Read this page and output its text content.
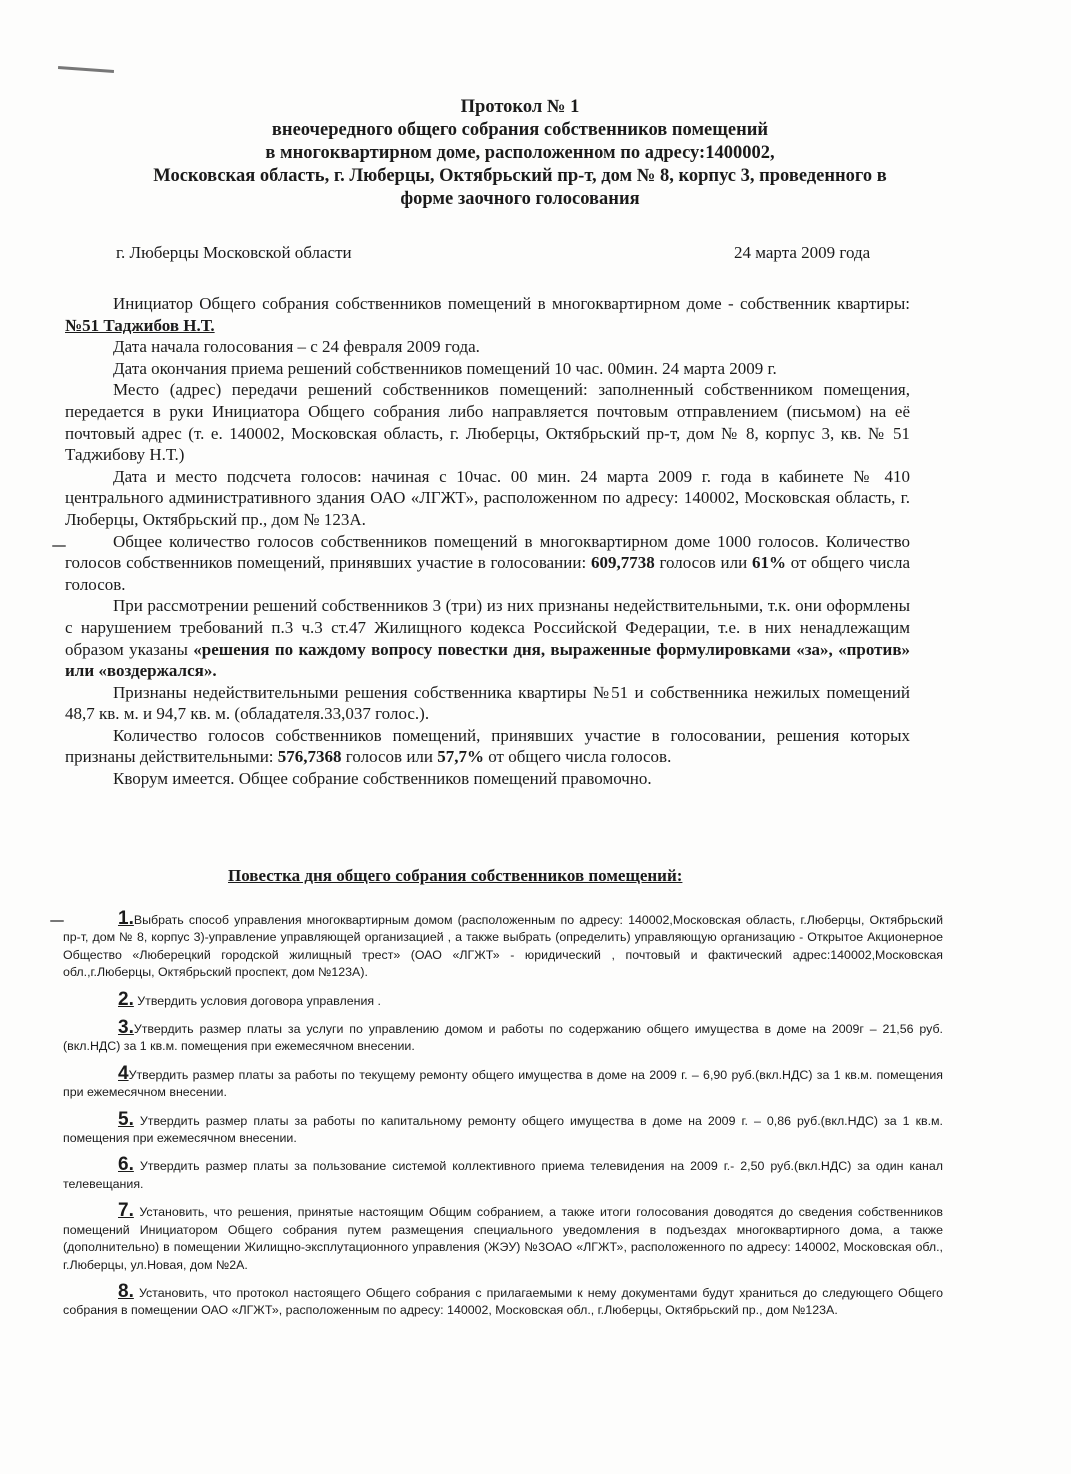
Протокол № 1
внеочередного общего собрания собственников помещений
в многоквартирном доме, расположенном по адресу:1400002,
Московская область, г. Люберцы, Октябрьский пр-т, дом № 8, корпус 3, проведенного в
форме заочного голосования
г. Люберцы Московской области	24 марта 2009 года

Инициатор Общего собрания собственников помещений в многоквартирном доме - собственник квартиры: №51 Таджибов Н.Т.

Дата начала голосования – с 24 февраля 2009 года.

Дата окончания приема решений собственников помещений 10 час. 00мин. 24 марта 2009 г.

Место (адрес) передачи решений собственников помещений: заполненный собственником помещения, передается в руки Инициатора Общего собрания либо направляется почтовым отправлением (письмом) на её почтовый адрес (т. е. 140002, Московская область, г. Люберцы, Октябрьский пр-т, дом № 8, корпус 3, кв. № 51 Таджибову Н.Т.)

Дата и место подсчета голосов: начиная с 10час. 00 мин. 24 марта 2009 г. года в кабинете № 410 центрального административного здания ОАО «ЛГЖТ», расположенном по адресу: 140002, Московская область, г. Люберцы, Октябрьский пр., дом № 123А.

Общее количество голосов собственников помещений в многоквартирном доме 1000 голосов. Количество голосов собственников помещений, принявших участие в голосовании: 609,7738 голосов или 61% от общего числа голосов.

При рассмотрении решений собственников 3 (три) из них признаны недействительными, т.к. они оформлены с нарушением требований п.3 ч.3 ст.47 Жилищного кодекса Российской Федерации, т.е. в них ненадлежащим образом указаны «решения по каждому вопросу повестки дня, выраженные формулировками «за», «против» или «воздержался».

Признаны недействительными решения собственника квартиры №51 и собственника нежилых помещений 48,7 кв. м. и 94,7 кв. м. (обладателя.33,037 голос.).

Количество голосов собственников помещений, принявших участие в голосовании, решения которых признаны действительными: 576,7368 голосов или 57,7% от общего числа голосов.

Кворум имеется. Общее собрание собственников помещений правомочно.

Повестка дня общего собрания собственников помещений:

1.Выбрать способ управления многоквартирным домом (расположенным по адресу: 140002,Московская область, г.Люберцы, Октябрьский пр-т, дом № 8, корпус 3)-управление управляющей организацией , а также выбрать (определить) управляющую организацию - Открытое Акционерное Общество «Люберецкий городской жилищный трест» (ОАО «ЛГЖТ» - юридический , почтовый и фактический адрес:140002,Московская обл.,г.Люберцы, Октябрьский проспект, дом №123А).

2. Утвердить условия договора управления .

3.Утвердить размер платы за услуги по управлению домом и работы по содержанию общего имущества в доме на 2009г – 21,56 руб.(вкл.НДС) за 1 кв.м. помещения при ежемесячном внесении.

4Утвердить размер платы за работы по текущему ремонту общего имущества в доме на 2009 г. – 6,90 руб.(вкл.НДС) за 1 кв.м. помещения при ежемесячном внесении.

5. Утвердить размер платы за работы по капитальному ремонту общего имущества в доме на 2009 г. – 0,86 руб.(вкл.НДС) за 1 кв.м. помещения при ежемесячном внесении.

6. Утвердить размер платы за пользование системой коллективного приема телевидения на 2009 г.- 2,50 руб.(вкл.НДС) за один канал телевещания.

7. Установить, что решения, принятые настоящим Общим собранием, а также итоги голосования доводятся до сведения собственников помещений Инициатором Общего собрания путем размещения специального уведомления в подъездах многоквартирного дома, а также (дополнительно) в помещении Жилищно-эксплутационного управления (ЖЭУ) №3ОАО «ЛГЖТ», расположенного по адресу: 140002, Московская обл., г.Люберцы, ул.Новая, дом №2А.

8. Установить, что протокол настоящего Общего собрания с прилагаемыми к нему документами будут храниться до следующего Общего собрания в помещении ОАО «ЛГЖТ», расположенным по адресу: 140002, Московская обл., г.Люберцы, Октябрьский пр., дом №123А.
